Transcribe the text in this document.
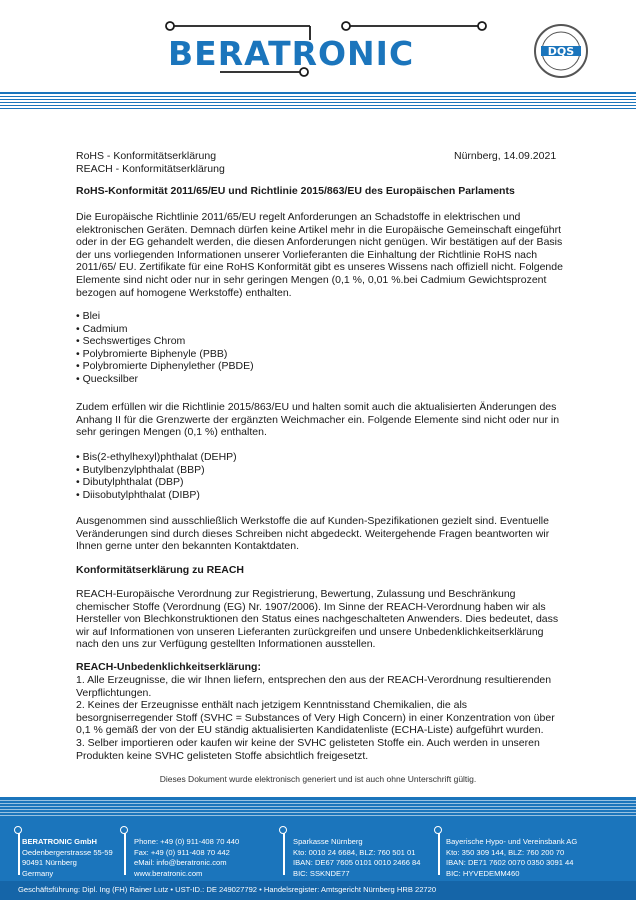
BERATRONIC	DQS
RoHS - Konformitätserklärung
REACH - Konformitätserklärung
Nürnberg, 14.09.2021
RoHS-Konformität 2011/65/EU und Richtlinie 2015/863/EU des Europäischen Parlaments

Die Europäische Richtlinie 2011/65/EU regelt Anforderungen an Schadstoffe in elektrischen und elektronischen Geräten. Demnach dürfen keine Artikel mehr in die Europäische Gemeinschaft eingeführt oder in der EG gehandelt werden, die diesen Anforderungen nicht genügen. Wir bestätigen auf der Basis der uns vorliegenden Informationen unserer Vorlieferanten die Einhaltung der Richtlinie RoHS nach 2011/65/ EU. Zertifikate für eine RoHS Konformität gibt es unseres Wissens nach offiziell nicht. Folgende Elemente sind nicht oder nur in sehr geringen Mengen (0,1 %, 0,01 %.bei Cadmium Gewichtsprozent bezogen auf homogene Werkstoffe) enthalten.

• Blei
• Cadmium
• Sechswertiges Chrom
• Polybromierte Biphenyle (PBB)
• Polybromierte Diphenylether (PBDE)
• Quecksilber

Zudem erfüllen wir die Richtlinie 2015/863/EU und halten somit auch die aktualisierten Änderungen des Anhang II für die Grenzwerte der ergänzten Weichmacher ein. Folgende Elemente sind nicht oder nur in sehr geringen Mengen (0,1 %) enthalten.

• Bis(2-ethylhexyl)phthalat (DEHP)
• Butylbenzylphthalat (BBP)
• Dibutylphthalat (DBP)
• Diisobutylphthalat (DIBP)

Ausgenommen sind ausschließlich Werkstoffe die auf Kunden-Spezifikationen gezielt sind. Eventuelle Veränderungen sind durch dieses Schreiben nicht abgedeckt. Weitergehende Fragen beantworten wir Ihnen gerne unter den bekannten Kontaktdaten.

Konformitätserklärung zu REACH

REACH-Europäische Verordnung zur Registrierung, Bewertung, Zulassung und Beschränkung chemischer Stoffe (Verordnung (EG) Nr. 1907/2006). Im Sinne der REACH-Verordnung haben wir als Hersteller von Blechkonstruktionen den Status eines nachgeschalteten Anwenders. Dies bedeutet, dass wir auf Informationen von unseren Lieferanten zurückgreifen und unsere Unbedenklichkeitserklärung nach den uns zur Verfügung gestellten Informationen ausstellen.

REACH-Unbedenklichkeitserklärung:

1. Alle Erzeugnisse, die wir Ihnen liefern, entsprechen den aus der REACH-Verordnung resultierenden Verpflichtungen.

2. Keines der Erzeugnisse enthält nach jetzigem Kenntnisstand Chemikalien, die als besorgniserregender Stoff (SVHC = Substances of Very High Concern) in einer Konzentration von über 0,1 % gemäß der von der EU ständig aktualisierten Kandidatenliste (ECHA-Liste) aufgeführt wurden.

3. Selber importieren oder kaufen wir keine der SVHC gelisteten Stoffe ein. Auch werden in unseren Produkten keine SVHC gelisteten Stoffe absichtlich freigesetzt.

Dieses Dokument wurde elektronisch generiert und ist auch ohne Unterschrift gültig.
BERATRONIC GmbH
Oedenbergerstrasse 55-59
90491 Nürnberg
Germany
Phone: +49 (0) 911-408 70 440
Fax: +49 (0) 911-408 70 442
eMail: info@beratronic.com
www.beratronic.com
Sparkasse Nürnberg
Kto: 0010 24 6684, BLZ: 760 501 01
IBAN: DE67 7605 0101 0010 2466 84
BIC: SSKNDE77
Bayerische Hypo- und Vereinsbank AG
Kto: 350 309 144, BLZ: 760 200 70
IBAN: DE71 7602 0070 0350 3091 44
BIC: HYVEDEMM460
Geschäftsführung: Dipl. Ing (FH) Rainer Lutz • UST-ID.: DE 249027792 • Handelsregister: Amtsgericht Nürnberg HRB 22720
